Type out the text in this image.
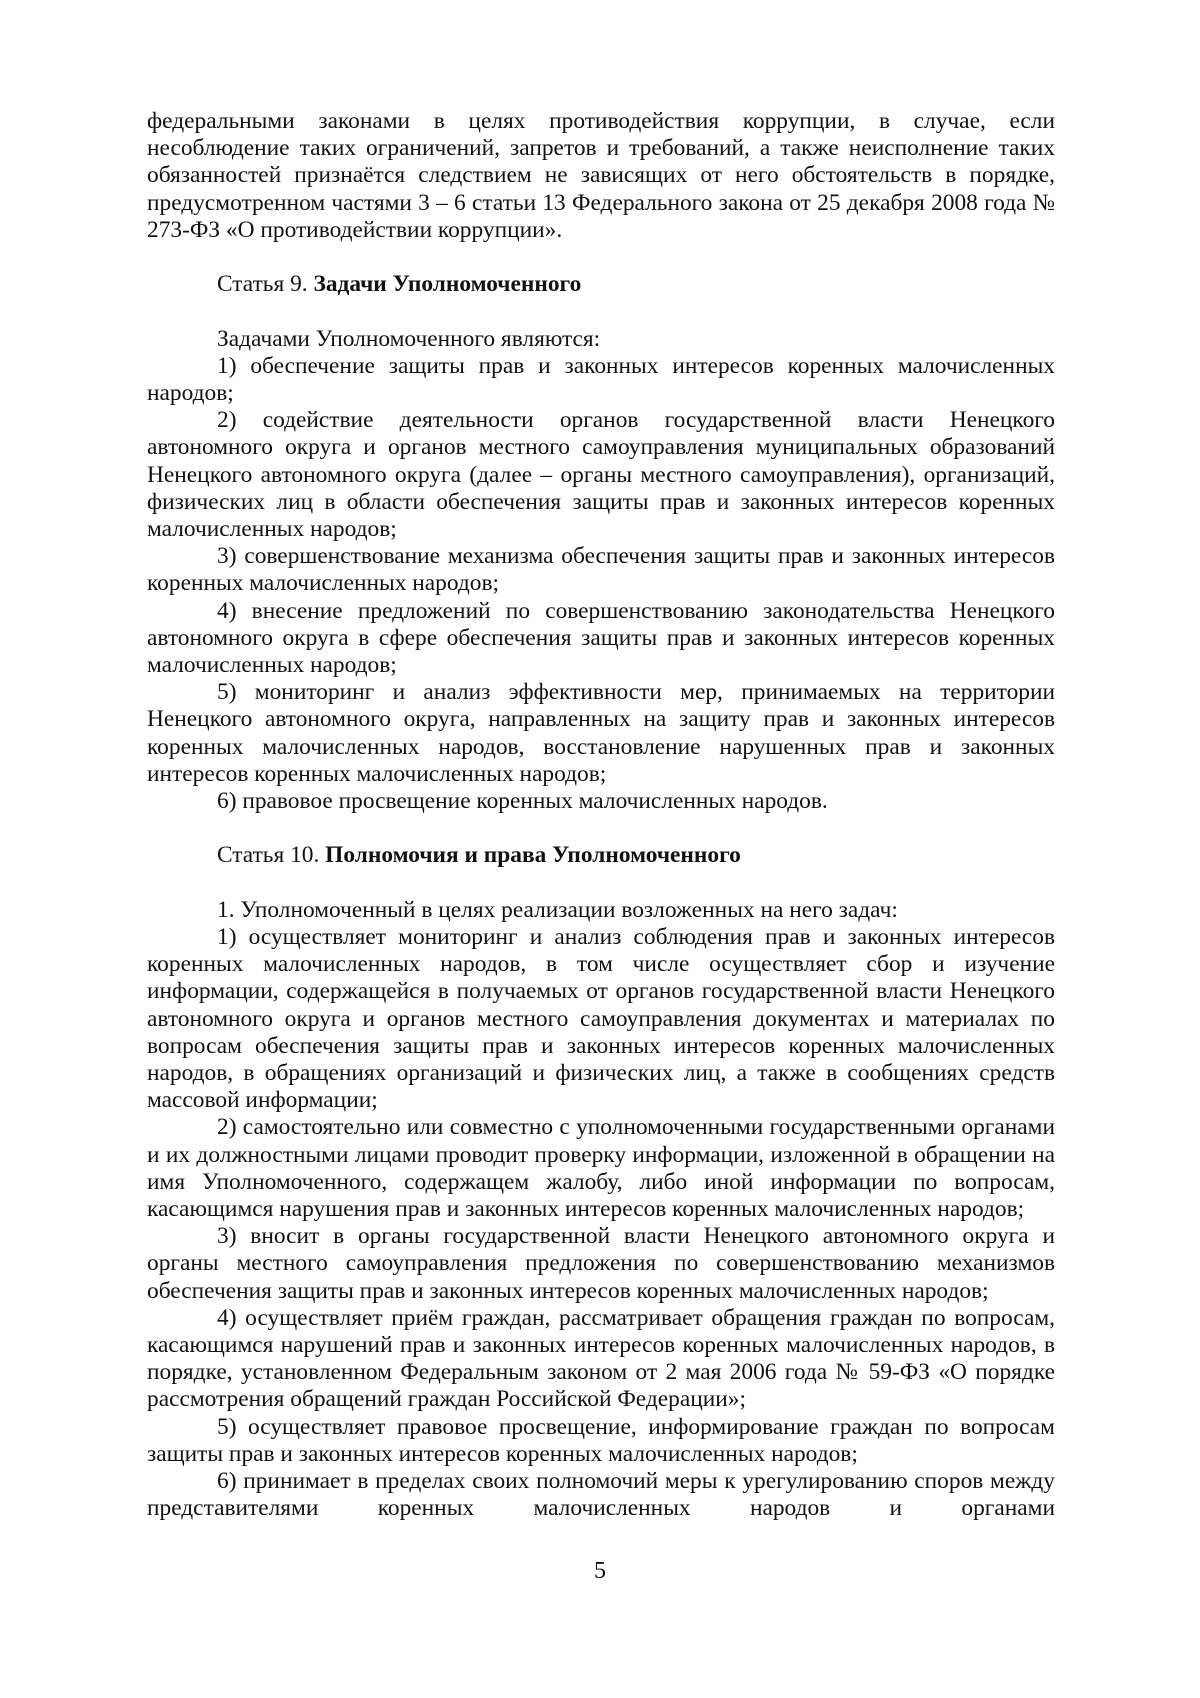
федеральными законами в целях противодействия коррупции, в случае, если несоблюдение таких ограничений, запретов и требований, а также неисполнение таких обязанностей признаётся следствием не зависящих от него обстоятельств в порядке, предусмотренном частями 3 – 6 статьи 13 Федерального закона от 25 декабря 2008 года № 273-ФЗ «О противодействии коррупции».

Статья 9. Задачи Уполномоченного

Задачами Уполномоченного являются:

1) обеспечение защиты прав и законных интересов коренных малочисленных народов;

2) содействие деятельности органов государственной власти Ненецкого автономного округа и органов местного самоуправления муниципальных образований Ненецкого автономного округа (далее – органы местного самоуправления), организаций, физических лиц в области обеспечения защиты прав и законных интересов коренных малочисленных народов;

3) совершенствование механизма обеспечения защиты прав и законных интересов коренных малочисленных народов;

4) внесение предложений по совершенствованию законодательства Ненецкого автономного округа в сфере обеспечения защиты прав и законных интересов коренных малочисленных народов;

5) мониторинг и анализ эффективности мер, принимаемых на территории Ненецкого автономного округа, направленных на защиту прав и законных интересов коренных малочисленных народов, восстановление нарушенных прав и законных интересов коренных малочисленных народов;

6) правовое просвещение коренных малочисленных народов.

Статья 10. Полномочия и права Уполномоченного

1. Уполномоченный в целях реализации возложенных на него задач:

1) осуществляет мониторинг и анализ соблюдения прав и законных интересов коренных малочисленных народов, в том числе осуществляет сбор и изучение информации, содержащейся в получаемых от органов государственной власти Ненецкого автономного округа и органов местного самоуправления документах и материалах по вопросам обеспечения защиты прав и законных интересов коренных малочисленных народов, в обращениях организаций и физических лиц, а также в сообщениях средств массовой информации;

2) самостоятельно или совместно с уполномоченными государственными органами и их должностными лицами проводит проверку информации, изложенной в обращении на имя Уполномоченного, содержащем жалобу, либо иной информации по вопросам, касающимся нарушения прав и законных интересов коренных малочисленных народов;

3) вносит в органы государственной власти Ненецкого автономного округа и органы местного самоуправления предложения по совершенствованию механизмов обеспечения защиты прав и законных интересов коренных малочисленных народов;

4) осуществляет приём граждан, рассматривает обращения граждан по вопросам, касающимся нарушений прав и законных интересов коренных малочисленных народов, в порядке, установленном Федеральным законом от 2 мая 2006 года № 59-ФЗ «О порядке рассмотрения обращений граждан Российской Федерации»;

5) осуществляет правовое просвещение, информирование граждан по вопросам защиты прав и законных интересов коренных малочисленных народов;

6) принимает в пределах своих полномочий меры к урегулированию споров между представителями коренных малочисленных народов и органами

5
